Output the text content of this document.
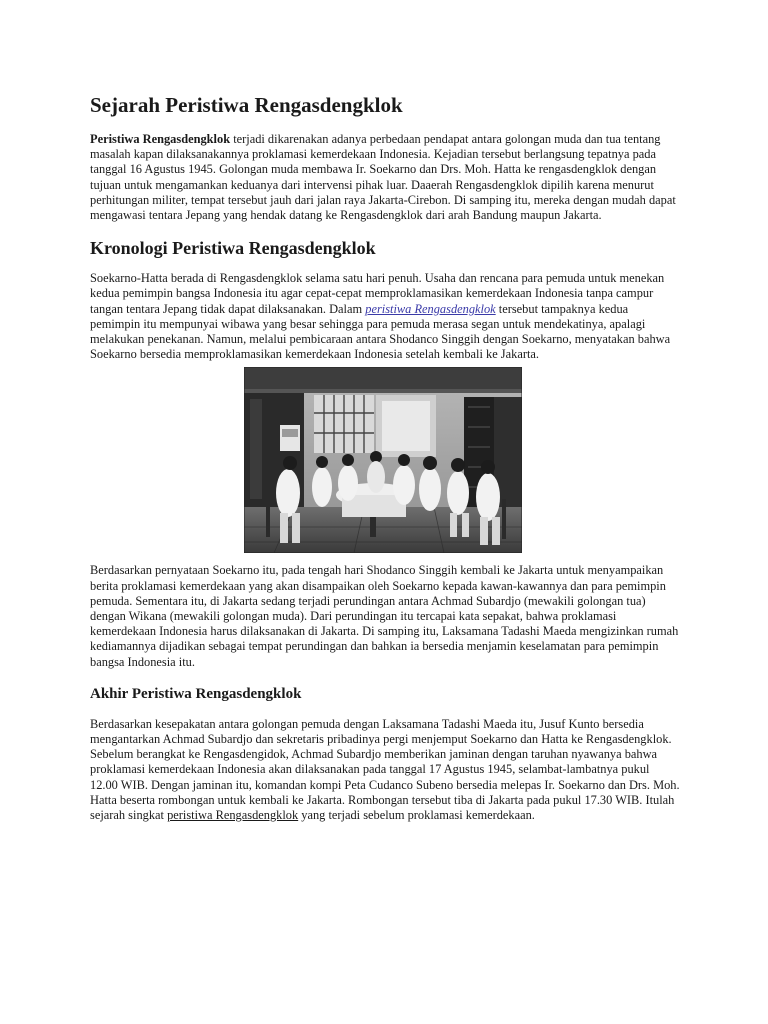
Sejarah Peristiwa Rengasdengklok

Peristiwa Rengasdengklok terjadi dikarenakan adanya perbedaan pendapat antara golongan muda dan tua tentang masalah kapan dilaksanakannya proklamasi kemerdekaan Indonesia. Kejadian tersebut berlangsung tepatnya pada tanggal 16 Agustus 1945. Golongan muda membawa Ir. Soekarno dan Drs. Moh. Hatta ke rengasdengklok dengan tujuan untuk mengamankan keduanya dari intervensi pihak luar. Daaerah Rengasdengklok dipilih karena menurut perhitungan militer, tempat tersebut jauh dari jalan raya Jakarta-Cirebon. Di samping itu, mereka dengan mudah dapat mengawasi tentara Jepang yang hendak datang ke Rengasdengklok dari arah Bandung maupun Jakarta.

Kronologi Peristiwa Rengasdengklok

Soekarno-Hatta berada di Rengasdengklok selama satu hari penuh. Usaha dan rencana para pemuda untuk menekan kedua pemimpin bangsa Indonesia itu agar cepat-cepat memproklamasikan kemerdekaan Indonesia tanpa campur tangan tentara Jepang tidak dapat dilaksanakan. Dalam peristiwa Rengasdengklok tersebut tampaknya kedua pemimpin itu mempunyai wibawa yang besar sehingga para pemuda merasa segan untuk mendekatinya, apalagi melakukan penekanan. Namun, melalui pembicaraan antara Shodanco Singgih dengan Soekarno, menyatakan bahwa Soekarno bersedia memproklamasikan kemerdekaan Indonesia setelah kembali ke Jakarta.

Berdasarkan pernyataan Soekarno itu, pada tengah hari Shodanco Singgih kembali ke Jakarta untuk menyampaikan berita proklamasi kemerdekaan yang akan disampaikan oleh Soekarno kepada kawan-kawannya dan para pemimpin pemuda. Sementara itu, di Jakarta sedang terjadi perundingan antara Achmad Subardjo (mewakili golongan tua) dengan Wikana (mewakili golongan muda). Dari perundingan itu tercapai kata sepakat, bahwa proklamasi kemerdekaan Indonesia harus dilaksanakan di Jakarta. Di samping itu, Laksamana Tadashi Maeda mengizinkan rumah kediamannya dijadikan sebagai tempat perundingan dan bahkan ia bersedia menjamin keselamatan para pemimpin bangsa Indonesia itu.

Akhir Peristiwa Rengasdengklok

Berdasarkan kesepakatan antara golongan pemuda dengan Laksamana Tadashi Maeda itu, Jusuf Kunto bersedia mengantarkan Achmad Subardjo dan sekretaris pribadinya pergi menjemput Soekarno dan Hatta ke Rengasdengklok. Sebelum berangkat ke Rengasdengidok, Achmad Subardjo memberikan jaminan dengan taruhan nyawanya bahwa proklamasi kemerdekaan Indonesia akan dilaksanakan pada tanggal 17 Agustus 1945, selambat-lambatnya pukul 12.00 WIB. Dengan jaminan itu, komandan kompi Peta Cudanco Subeno bersedia melepas Ir. Soekarno dan Drs. Moh. Hatta beserta rombongan untuk kembali ke Jakarta. Rombongan tersebut tiba di Jakarta pada pukul 17.30 WIB. Itulah sejarah singkat peristiwa Rengasdengklok yang terjadi sebelum proklamasi kemerdekaan.
